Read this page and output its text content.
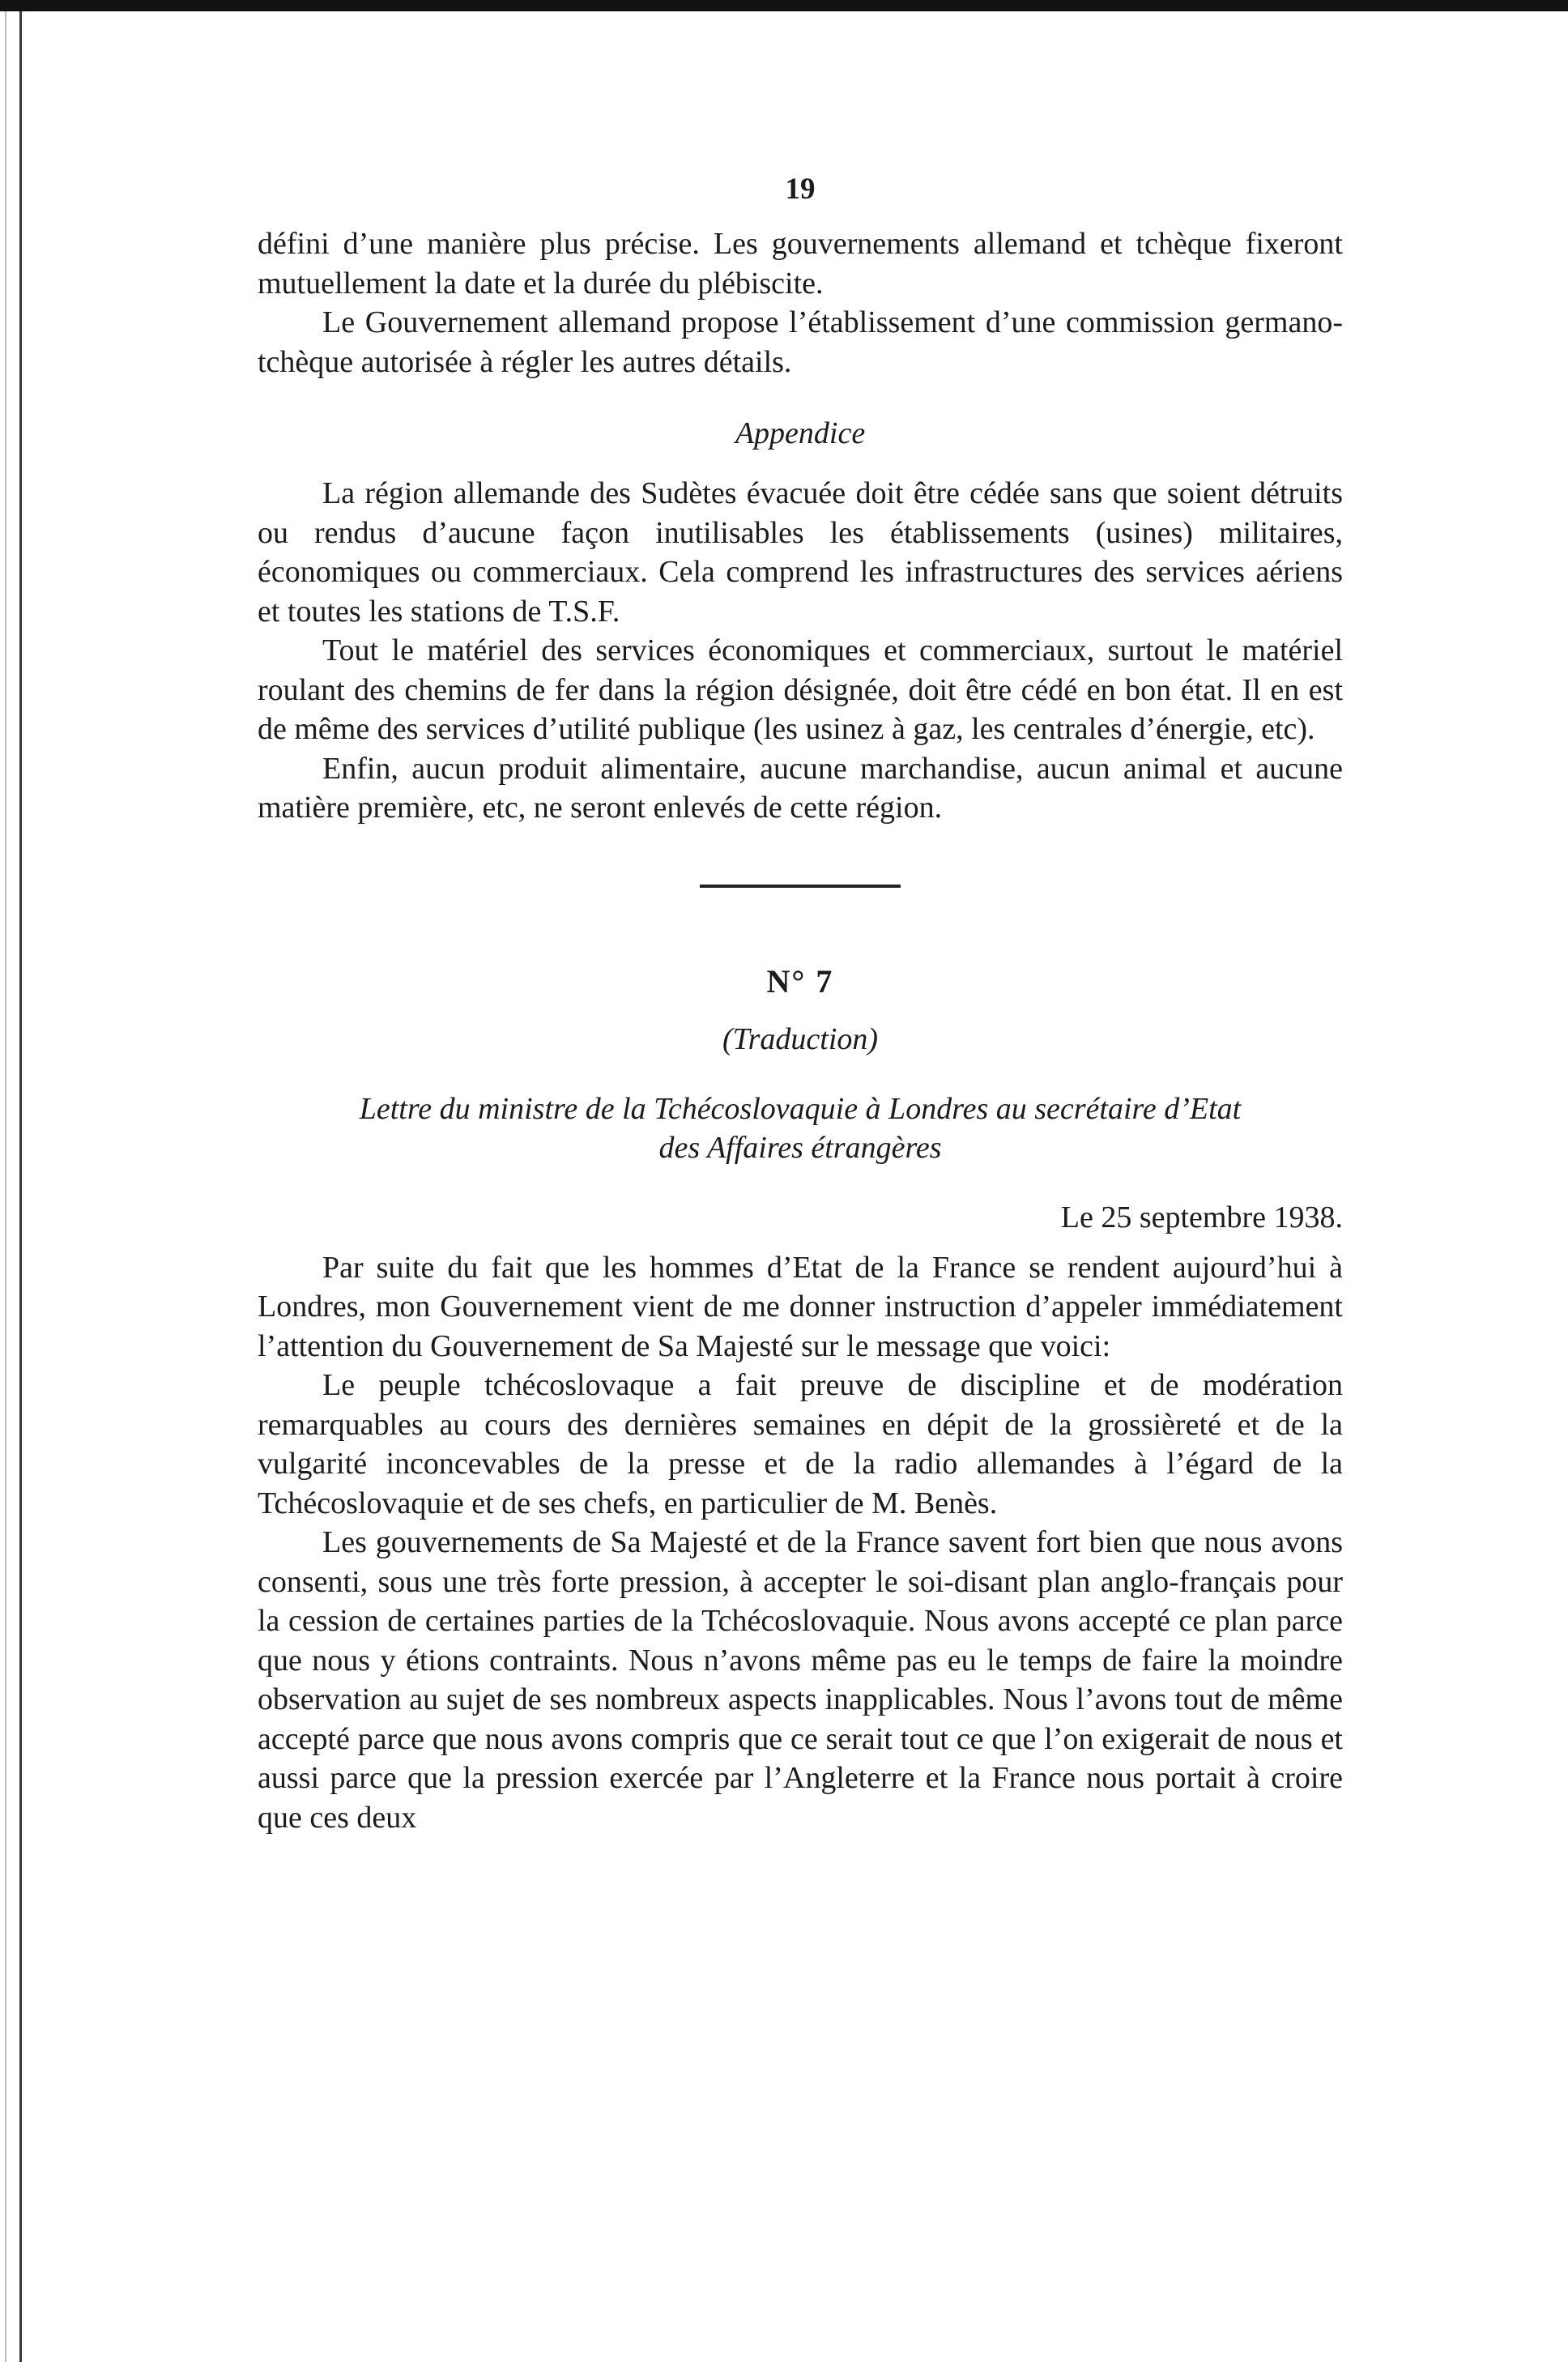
19

défini d’une manière plus précise. Les gouvernements allemand et tchèque fixeront mutuellement la date et la durée du plébiscite.

Le Gouvernement allemand propose l’établissement d’une commission germano-tchèque autorisée à régler les autres détails.

Appendice

La région allemande des Sudètes évacuée doit être cédée sans que soient détruits ou rendus d’aucune façon inutilisables les établissements (usines) militaires, économiques ou commerciaux. Cela comprend les infrastructures des services aériens et toutes les stations de T.S.F.

Tout le matériel des services économiques et commerciaux, surtout le matériel roulant des chemins de fer dans la région désignée, doit être cédé en bon état. Il en est de même des services d’utilité publique (les usinez à gaz, les centrales d’énergie, etc).

Enfin, aucun produit alimentaire, aucune marchandise, aucun animal et aucune matière première, etc, ne seront enlevés de cette région.

N° 7
(Traduction)
Lettre du ministre de la Tchécoslovaquie à Londres au secrétaire d’Etat
des Affaires étrangères
Le 25 septembre 1938.

Par suite du fait que les hommes d’Etat de la France se rendent aujourd’hui à Londres, mon Gouvernement vient de me donner instruction d’appeler immédiatement l’attention du Gouvernement de Sa Majesté sur le message que voici:

Le peuple tchécoslovaque a fait preuve de discipline et de modération remarquables au cours des dernières semaines en dépit de la grossièreté et de la vulgarité inconcevables de la presse et de la radio allemandes à l’égard de la Tchécoslovaquie et de ses chefs, en particulier de M. Benès.

Les gouvernements de Sa Majesté et de la France savent fort bien que nous avons consenti, sous une très forte pression, à accepter le soi-disant plan anglo-français pour la cession de certaines parties de la Tchécoslovaquie. Nous avons accepté ce plan parce que nous y étions contraints. Nous n’avons même pas eu le temps de faire la moindre observation au sujet de ses nombreux aspects inapplicables. Nous l’avons tout de même accepté parce que nous avons compris que ce serait tout ce que l’on exigerait de nous et aussi parce que la pression exercée par l’Angleterre et la France nous portait à croire que ces deux
